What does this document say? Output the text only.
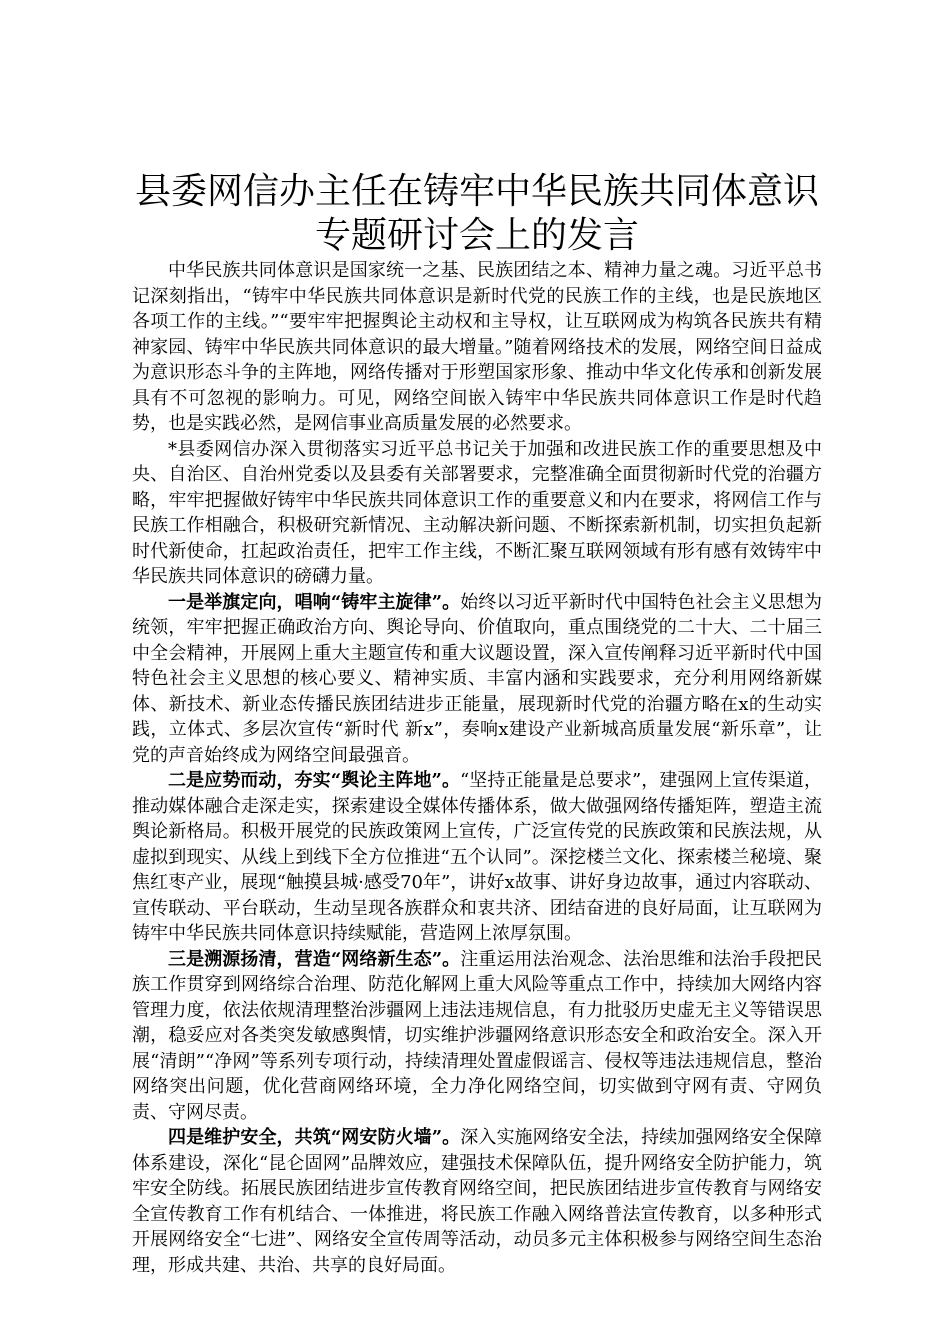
县委网信办主任在铸牢中华民族共同体意识专题研讨会上的发言

中华民族共同体意识是国家统一之基、民族团结之本、精神力量之魂。习近平总书记深刻指出，“铸牢中华民族共同体意识是新时代党的民族工作的主线，也是民族地区各项工作的主线。”“要牢牢把握舆论主动权和主导权，让互联网成为构筑各民族共有精神家园、铸牢中华民族共同体意识的最大增量。”随着网络技术的发展，网络空间日益成为意识形态斗争的主阵地，网络传播对于形塑国家形象、推动中华文化传承和创新发展具有不可忽视的影响力。可见，网络空间嵌入铸牢中华民族共同体意识工作是时代趋势，也是实践必然，是网信事业高质量发展的必然要求。

*县委网信办深入贯彻落实习近平总书记关于加强和改进民族工作的重要思想及中央、自治区、自治州党委以及县委有关部署要求，完整准确全面贯彻新时代党的治疆方略，牢牢把握做好铸牢中华民族共同体意识工作的重要意义和内在要求，将网信工作与民族工作相融合，积极研究新情况、主动解决新问题、不断探索新机制，切实担负起新时代新使命，扛起政治责任，把牢工作主线，不断汇聚互联网领域有形有感有效铸牢中华民族共同体意识的磅礴力量。

一是举旗定向，唱响“铸牢主旋律”。始终以习近平新时代中国特色社会主义思想为统领，牢牢把握正确政治方向、舆论导向、价值取向，重点围绕党的二十大、二十届三中全会精神，开展网上重大主题宣传和重大议题设置，深入宣传阐释习近平新时代中国特色社会主义思想的核心要义、精神实质、丰富内涵和实践要求，充分利用网络新媒体、新技术、新业态传播民族团结进步正能量，展现新时代党的治疆方略在x的生动实践，立体式、多层次宣传“新时代 新x”，奏响x建设产业新城高质量发展“新乐章”，让党的声音始终成为网络空间最强音。

二是应势而动，夯实“舆论主阵地”。“坚持正能量是总要求”，建强网上宣传渠道，推动媒体融合走深走实，探索建设全媒体传播体系，做大做强网络传播矩阵，塑造主流舆论新格局。积极开展党的民族政策网上宣传，广泛宣传党的民族政策和民族法规，从虚拟到现实、从线上到线下全方位推进“五个认同”。深挖楼兰文化、探索楼兰秘境、聚焦红枣产业，展现“触摸县城·感受70年”，讲好x故事、讲好身边故事，通过内容联动、宣传联动、平台联动，生动呈现各族群众和衷共济、团结奋进的良好局面，让互联网为铸牢中华民族共同体意识持续赋能，营造网上浓厚氛围。

三是溯源扬清，营造“网络新生态”。注重运用法治观念、法治思维和法治手段把民族工作贯穿到网络综合治理、防范化解网上重大风险等重点工作中，持续加大网络内容管理力度，依法依规清理整治涉疆网上违法违规信息，有力批驳历史虚无主义等错误思潮，稳妥应对各类突发敏感舆情，切实维护涉疆网络意识形态安全和政治安全。深入开展“清朗”“净网”等系列专项行动，持续清理处置虚假谣言、侵权等违法违规信息，整治网络突出问题，优化营商网络环境，全力净化网络空间，切实做到守网有责、守网负责、守网尽责。

四是维护安全，共筑“网安防火墙”。深入实施网络安全法，持续加强网络安全保障体系建设，深化“昆仑固网”品牌效应，建强技术保障队伍，提升网络安全防护能力，筑牢安全防线。拓展民族团结进步宣传教育网络空间，把民族团结进步宣传教育与网络安全宣传教育工作有机结合、一体推进，将民族工作融入网络普法宣传教育，以多种形式开展网络安全“七进”、网络安全宣传周等活动，动员多元主体积极参与网络空间生态治理，形成共建、共治、共享的良好局面。
